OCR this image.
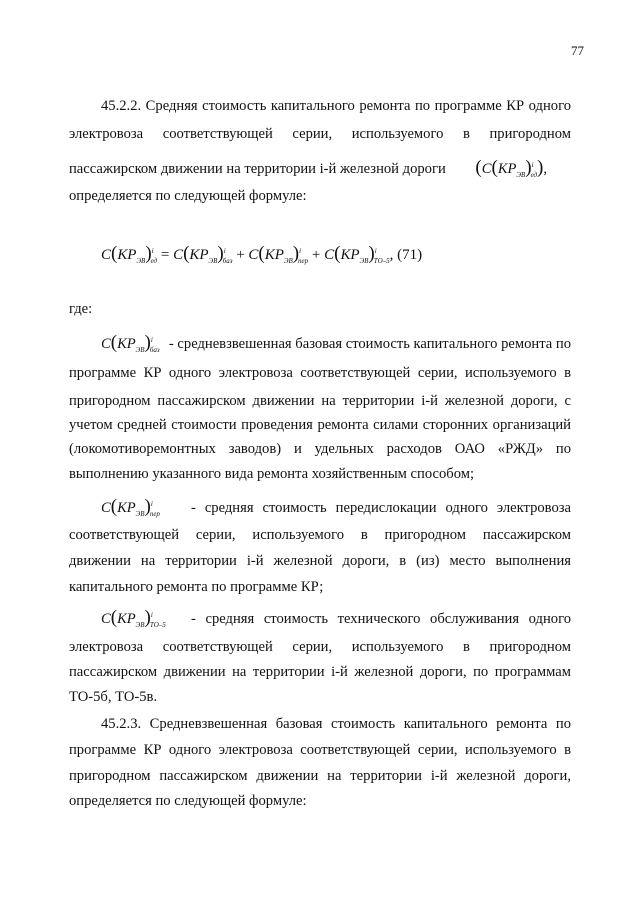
77
45.2.2. Средняя стоимость капитального ремонта по программе КР одного
электровоза соответствующей серии, используемого в пригородном
пассажирском движении на территории i-й железной дороги $(C(КР_{ЭВ})^i_{ед})$,
определяется по следующей формуле:
$C(КР_{ЭВ})^i_{ед} = C(КР_{ЭВ})^i_{баз} + C(КР_{ЭВ})^i_{пер} + C(КР_{ЭВ})^i_{ТО-5}$, (71)
где:
$C(КР_{ЭВ})^i_{баз}$ - средневзвешенная базовая стоимость капитального ремонта по
программе КР одного электровоза соответствующей серии, используемого в
пригородном пассажирском движении на территории i-й железной дороги, с
учетом средней стоимости проведения ремонта силами сторонних организаций
(локомотиворемонтных заводов) и удельных расходов ОАО «РЖД» по
выполнению указанного вида ремонта хозяйственным способом;
$C(КР_{ЭВ})^i_{пер}$ - средняя стоимость передислокации одного электровоза
соответствующей серии, используемого в пригородном пассажирском
движении на территории i-й железной дороги, в (из) место выполнения
капитального ремонта по программе КР;
$C(КР_{ЭВ})^i_{ТО-5}$ - средняя стоимость технического обслуживания одного
электровоза соответствующей серии, используемого в пригородном
пассажирском движении на территории i-й железной дороги, по программам
ТО-5б, ТО-5в.
45.2.3. Средневзвешенная базовая стоимость капитального ремонта по
программе КР одного электровоза соответствующей серии, используемого в
пригородном пассажирском движении на территории i-й железной дороги,
определяется по следующей формуле:
